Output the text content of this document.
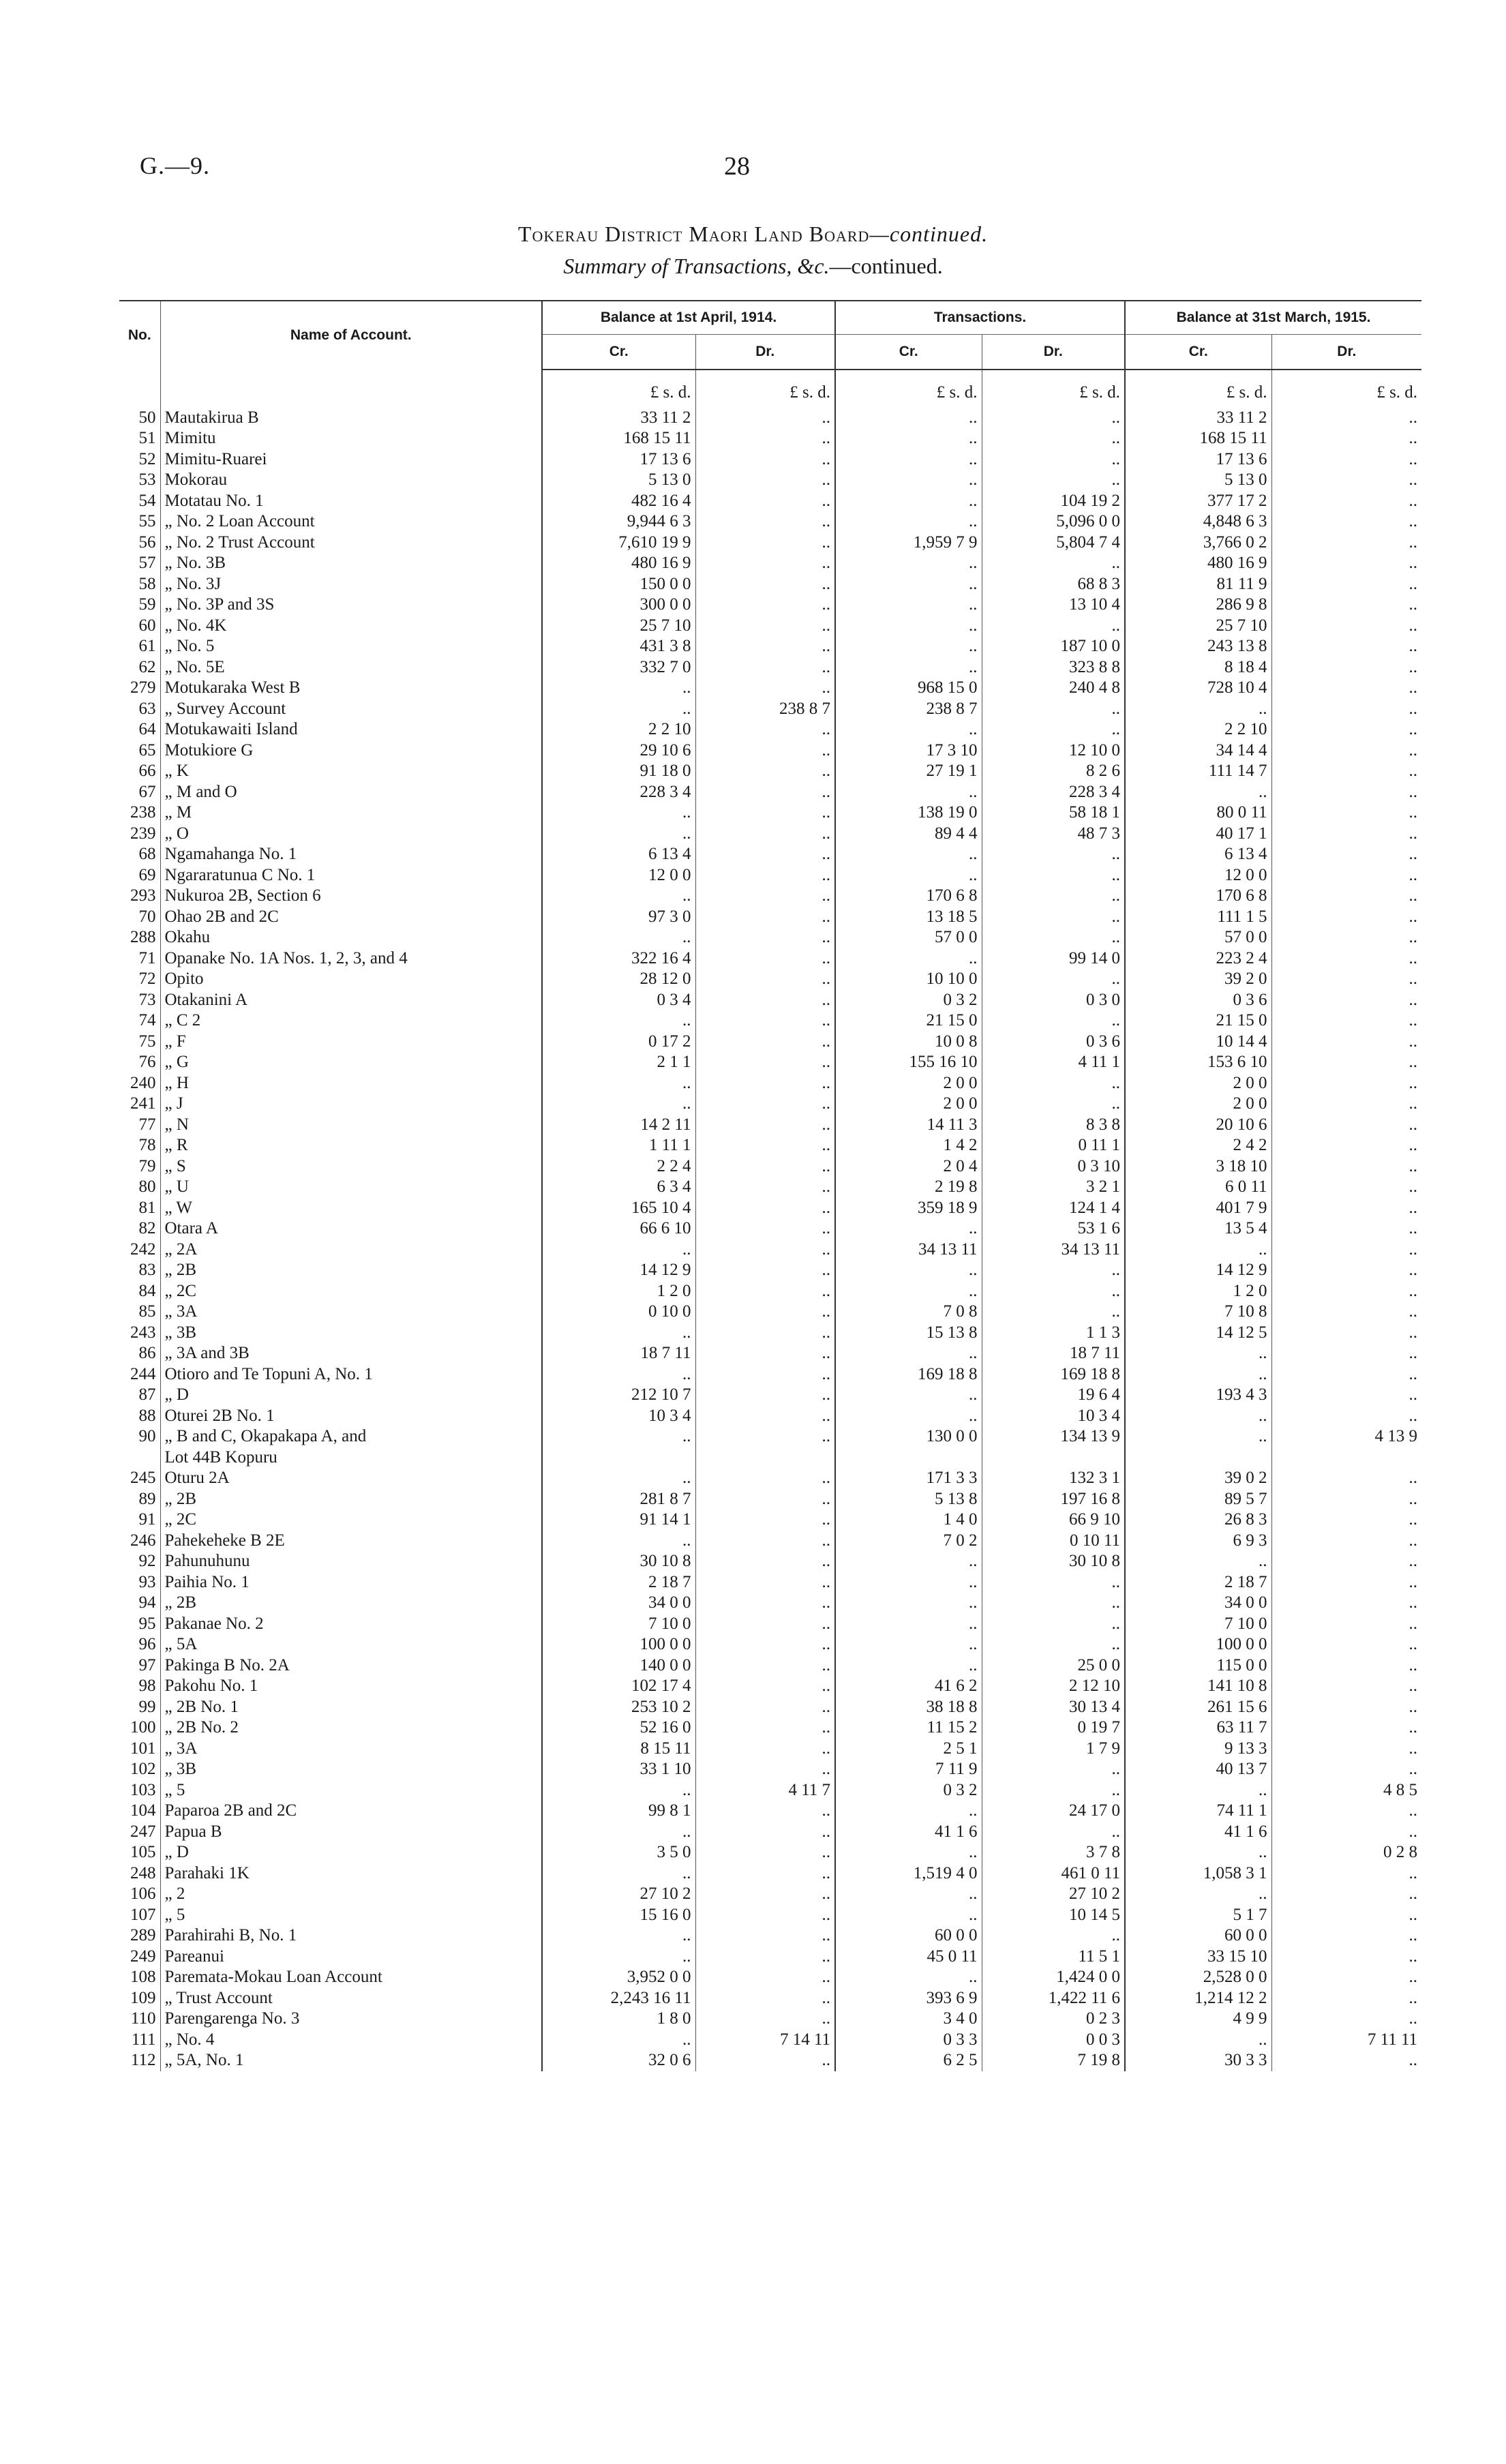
G.—9.	28
Tokerau District Maori Land Board—continued.
Summary of Transactions, &c.—continued.
No.	Name of Account.	Balance at 1st April, 1914.		Transactions.		Balance at 31st March, 1915.	
		Cr.	Dr.	Cr.	Dr.	Cr.	Dr.
		£ s. d.	£ s. d.	£ s. d.	£ s. d.	£ s. d.	£ s. d.
50	Mautakirua B	33 11 2	..	..	..	33 11 2	..
51	Mimitu	168 15 11	..	..	..	168 15 11	..
52	Mimitu-Ruarei	17 13 6	..	..	..	17 13 6	..
53	Mokorau	5 13 0	..	..	..	5 13 0	..
54	Motatau No. 1	482 16 4	..	..	104 19 2	377 17 2	..
55	„ No. 2 Loan Account	9,944 6 3	..	..	5,096 0 0	4,848 6 3	..
56	„ No. 2 Trust Account	7,610 19 9	..	1,959 7 9	5,804 7 4	3,766 0 2	..
57	„ No. 3B	480 16 9	..	..	..	480 16 9	..
58	„ No. 3J	150 0 0	..	..	68 8 3	81 11 9	..
59	„ No. 3P and 3S	300 0 0	..	..	13 10 4	286 9 8	..
60	„ No. 4K	25 7 10	..	..	..	25 7 10	..
61	„ No. 5	431 3 8	..	..	187 10 0	243 13 8	..
62	„ No. 5E	332 7 0	..	..	323 8 8	8 18 4	..
279	Motukaraka West B	..	..	968 15 0	240 4 8	728 10 4	..
63	„ Survey Account	..	238 8 7	238 8 7	..	..	..
64	Motukawaiti Island	2 2 10	..	..	..	2 2 10	..
65	Motukiore G	29 10 6	..	17 3 10	12 10 0	34 14 4	..
66	„ K	91 18 0	..	27 19 1	8 2 6	111 14 7	..
67	„ M and O	228 3 4	..	..	228 3 4	..	..
238	„ M	..	..	138 19 0	58 18 1	80 0 11	..
239	„ O	..	..	89 4 4	48 7 3	40 17 1	..
68	Ngamahanga No. 1	6 13 4	..	..	..	6 13 4	..
69	Ngararatunua C No. 1	12 0 0	..	..	..	12 0 0	..
293	Nukuroa 2B, Section 6	..	..	170 6 8	..	170 6 8	..
70	Ohao 2B and 2C	97 3 0	..	13 18 5	..	111 1 5	..
288	Okahu	..	..	57 0 0	..	57 0 0	..
71	Opanake No. 1A Nos. 1, 2, 3, and 4	322 16 4	..	..	99 14 0	223 2 4	..
72	Opito	28 12 0	..	10 10 0	..	39 2 0	..
73	Otakanini A	0 3 4	..	0 3 2	0 3 0	0 3 6	..
74	„ C 2	..	..	21 15 0	..	21 15 0	..
75	„ F	0 17 2	..	10 0 8	0 3 6	10 14 4	..
76	„ G	2 1 1	..	155 16 10	4 11 1	153 6 10	..
240	„ H	..	..	2 0 0	..	2 0 0	..
241	„ J	..	..	2 0 0	..	2 0 0	..
77	„ N	14 2 11	..	14 11 3	8 3 8	20 10 6	..
78	„ R	1 11 1	..	1 4 2	0 11 1	2 4 2	..
79	„ S	2 2 4	..	2 0 4	0 3 10	3 18 10	..
80	„ U	6 3 4	..	2 19 8	3 2 1	6 0 11	..
81	„ W	165 10 4	..	359 18 9	124 1 4	401 7 9	..
82	Otara A	66 6 10	..	..	53 1 6	13 5 4	..
242	„ 2A	..	..	34 13 11	34 13 11	..	..
83	„ 2B	14 12 9	..	..	..	14 12 9	..
84	„ 2C	1 2 0	..	..	..	1 2 0	..
85	„ 3A	0 10 0	..	7 0 8	..	7 10 8	..
243	„ 3B	..	..	15 13 8	1 1 3	14 12 5	..
86	„ 3A and 3B	18 7 11	..	..	18 7 11	..	..
244	Otioro and Te Topuni A, No. 1	..	..	169 18 8	169 18 8	..	..
87	„ D	212 10 7	..	..	19 6 4	193 4 3	..
88	Oturei 2B No. 1	10 3 4	..	..	10 3 4	..	..
90	„ B and C, Okapakapa A, and	..	..	130 0 0	134 13 9	..	4 13 9
	Lot 44B Kopuru						
245	Oturu 2A	..	..	171 3 3	132 3 1	39 0 2	..
89	„ 2B	281 8 7	..	5 13 8	197 16 8	89 5 7	..
91	„ 2C	91 14 1	..	1 4 0	66 9 10	26 8 3	..
246	Pahekeheke B 2E	..	..	7 0 2	0 10 11	6 9 3	..
92	Pahunuhunu	30 10 8	..	..	30 10 8	..	..
93	Paihia No. 1	2 18 7	..	..	..	2 18 7	..
94	„ 2B	34 0 0	..	..	..	34 0 0	..
95	Pakanae No. 2	7 10 0	..	..	..	7 10 0	..
96	„ 5A	100 0 0	..	..	..	100 0 0	..
97	Pakinga B No. 2A	140 0 0	..	..	25 0 0	115 0 0	..
98	Pakohu No. 1	102 17 4	..	41 6 2	2 12 10	141 10 8	..
99	„ 2B No. 1	253 10 2	..	38 18 8	30 13 4	261 15 6	..
100	„ 2B No. 2	52 16 0	..	11 15 2	0 19 7	63 11 7	..
101	„ 3A	8 15 11	..	2 5 1	1 7 9	9 13 3	..
102	„ 3B	33 1 10	..	7 11 9	..	40 13 7	..
103	„ 5	..	4 11 7	0 3 2	..	..	4 8 5
104	Paparoa 2B and 2C	99 8 1	..	..	24 17 0	74 11 1	..
247	Papua B	..	..	41 1 6	..	41 1 6	..
105	„ D	3 5 0	..	..	3 7 8	..	0 2 8
248	Parahaki 1K	..	..	1,519 4 0	461 0 11	1,058 3 1	..
106	„ 2	27 10 2	..	..	27 10 2	..	..
107	„ 5	15 16 0	..	..	10 14 5	5 1 7	..
289	Parahirahi B, No. 1	..	..	60 0 0	..	60 0 0	..
249	Pareanui	..	..	45 0 11	11 5 1	33 15 10	..
108	Paremata-Mokau Loan Account	3,952 0 0	..	..	1,424 0 0	2,528 0 0	..
109	„ Trust Account	2,243 16 11	..	393 6 9	1,422 11 6	1,214 12 2	..
110	Parengarenga No. 3	1 8 0	..	3 4 0	0 2 3	4 9 9	..
111	„ No. 4	..	7 14 11	0 3 3	0 0 3	..	7 11 11
112	„ 5A, No. 1	32 0 6	..	6 2 5	7 19 8	30 3 3	..
